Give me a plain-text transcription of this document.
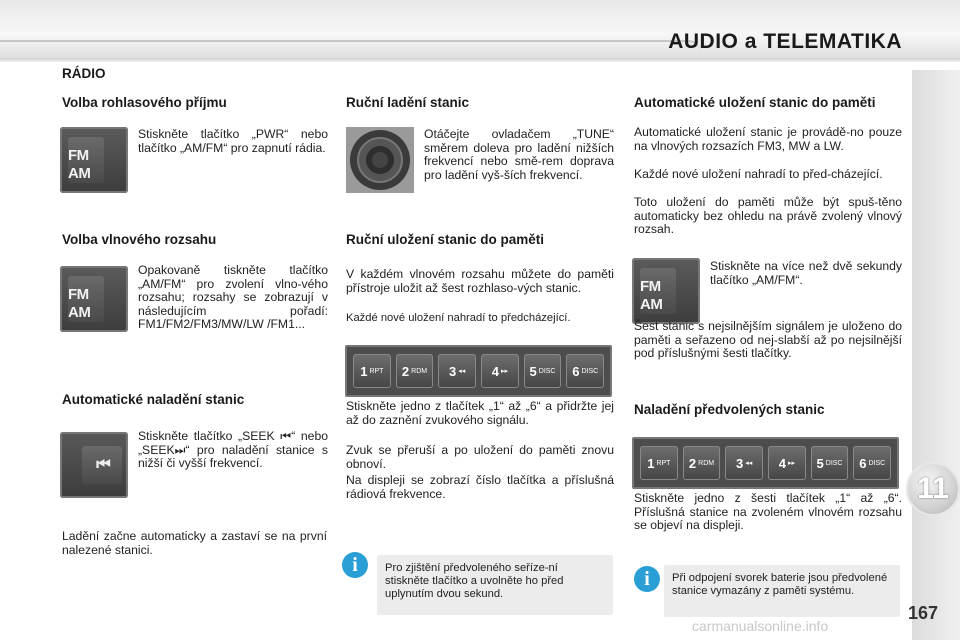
AUDIO a TELEMATIKA
11
167
carmanualsonline.info
RÁDIO
Volba rohlasového příjmu
FM
AM
Stiskněte tlačítko „PWR“ nebo tlačítko „AM/FM“ pro zapnutí rádia.
Volba vlnového rozsahu
FM
AM
Opakovaně tiskněte tlačítko „AM/FM“ pro zvolení vlno-vého rozsahu; rozsahy se zobrazují v následujícím pořadí: FM1/FM2/FM3/MW/LW /FM1...
Automatické naladění stanic
⏮
Stiskněte tlačítko „SEEK ⏮“ nebo „SEEK⏭“ pro naladění stanice s nižší či vyšší frekvencí.
Ladění začne automaticky a zastaví se na první nalezené stanici.
Ruční ladění stanic
Otáčejte ovladačem „TUNE“ směrem doleva pro ladění nižších frekvencí nebo smě-rem doprava pro ladění vyš-ších frekvencí.
Ruční uložení stanic do paměti
V každém vlnovém rozsahu můžete do paměti přístroje uložit až šest rozhlaso-vých stanic.
Každé nové uložení nahradí to předcházející.
1 RPT 2 RDM 3 ◂◂ 4 ▸▸ 5 DISC 6 DISC
Stiskněte jedno z tlačítek „1“ až „6“ a přidržte jej až do zaznění zvukového signálu.
Zvuk se přeruší a po uložení do paměti znovu obnoví.
Na displeji se zobrazí číslo tlačítka a příslušná rádiová frekvence.
i	Pro zjištění předvoleného seříze-ní stiskněte tlačítko a uvolněte ho před uplynutím dvou sekund.
Automatické uložení stanic do paměti
Automatické uložení stanic je provádě-no pouze na vlnových rozsazích FM3, MW a LW.
Každé nové uložení nahradí to před-cházející.
Toto uložení do paměti může být spuš-těno automaticky bez ohledu na právě zvolený vlnový rozsah.
FM
AM
Stiskněte na více než dvě sekundy tlačítko „AM/FM“.
Šest stanic s nejsilnějším signálem je uloženo do paměti a seřazeno od nej-slabší až po nejsilnější pod příslušnými šesti tlačítky.
Naladění předvolených stanic
1 RPT 2 RDM 3 ◂◂ 4 ▸▸ 5 DISC 6 DISC
Stiskněte jedno z šesti tlačítek „1“ až „6“. Příslušná stanice na zvoleném vlnovém rozsahu se objeví na displeji.
i	Při odpojení svorek baterie jsou předvolené stanice vymazány z paměti systému.
